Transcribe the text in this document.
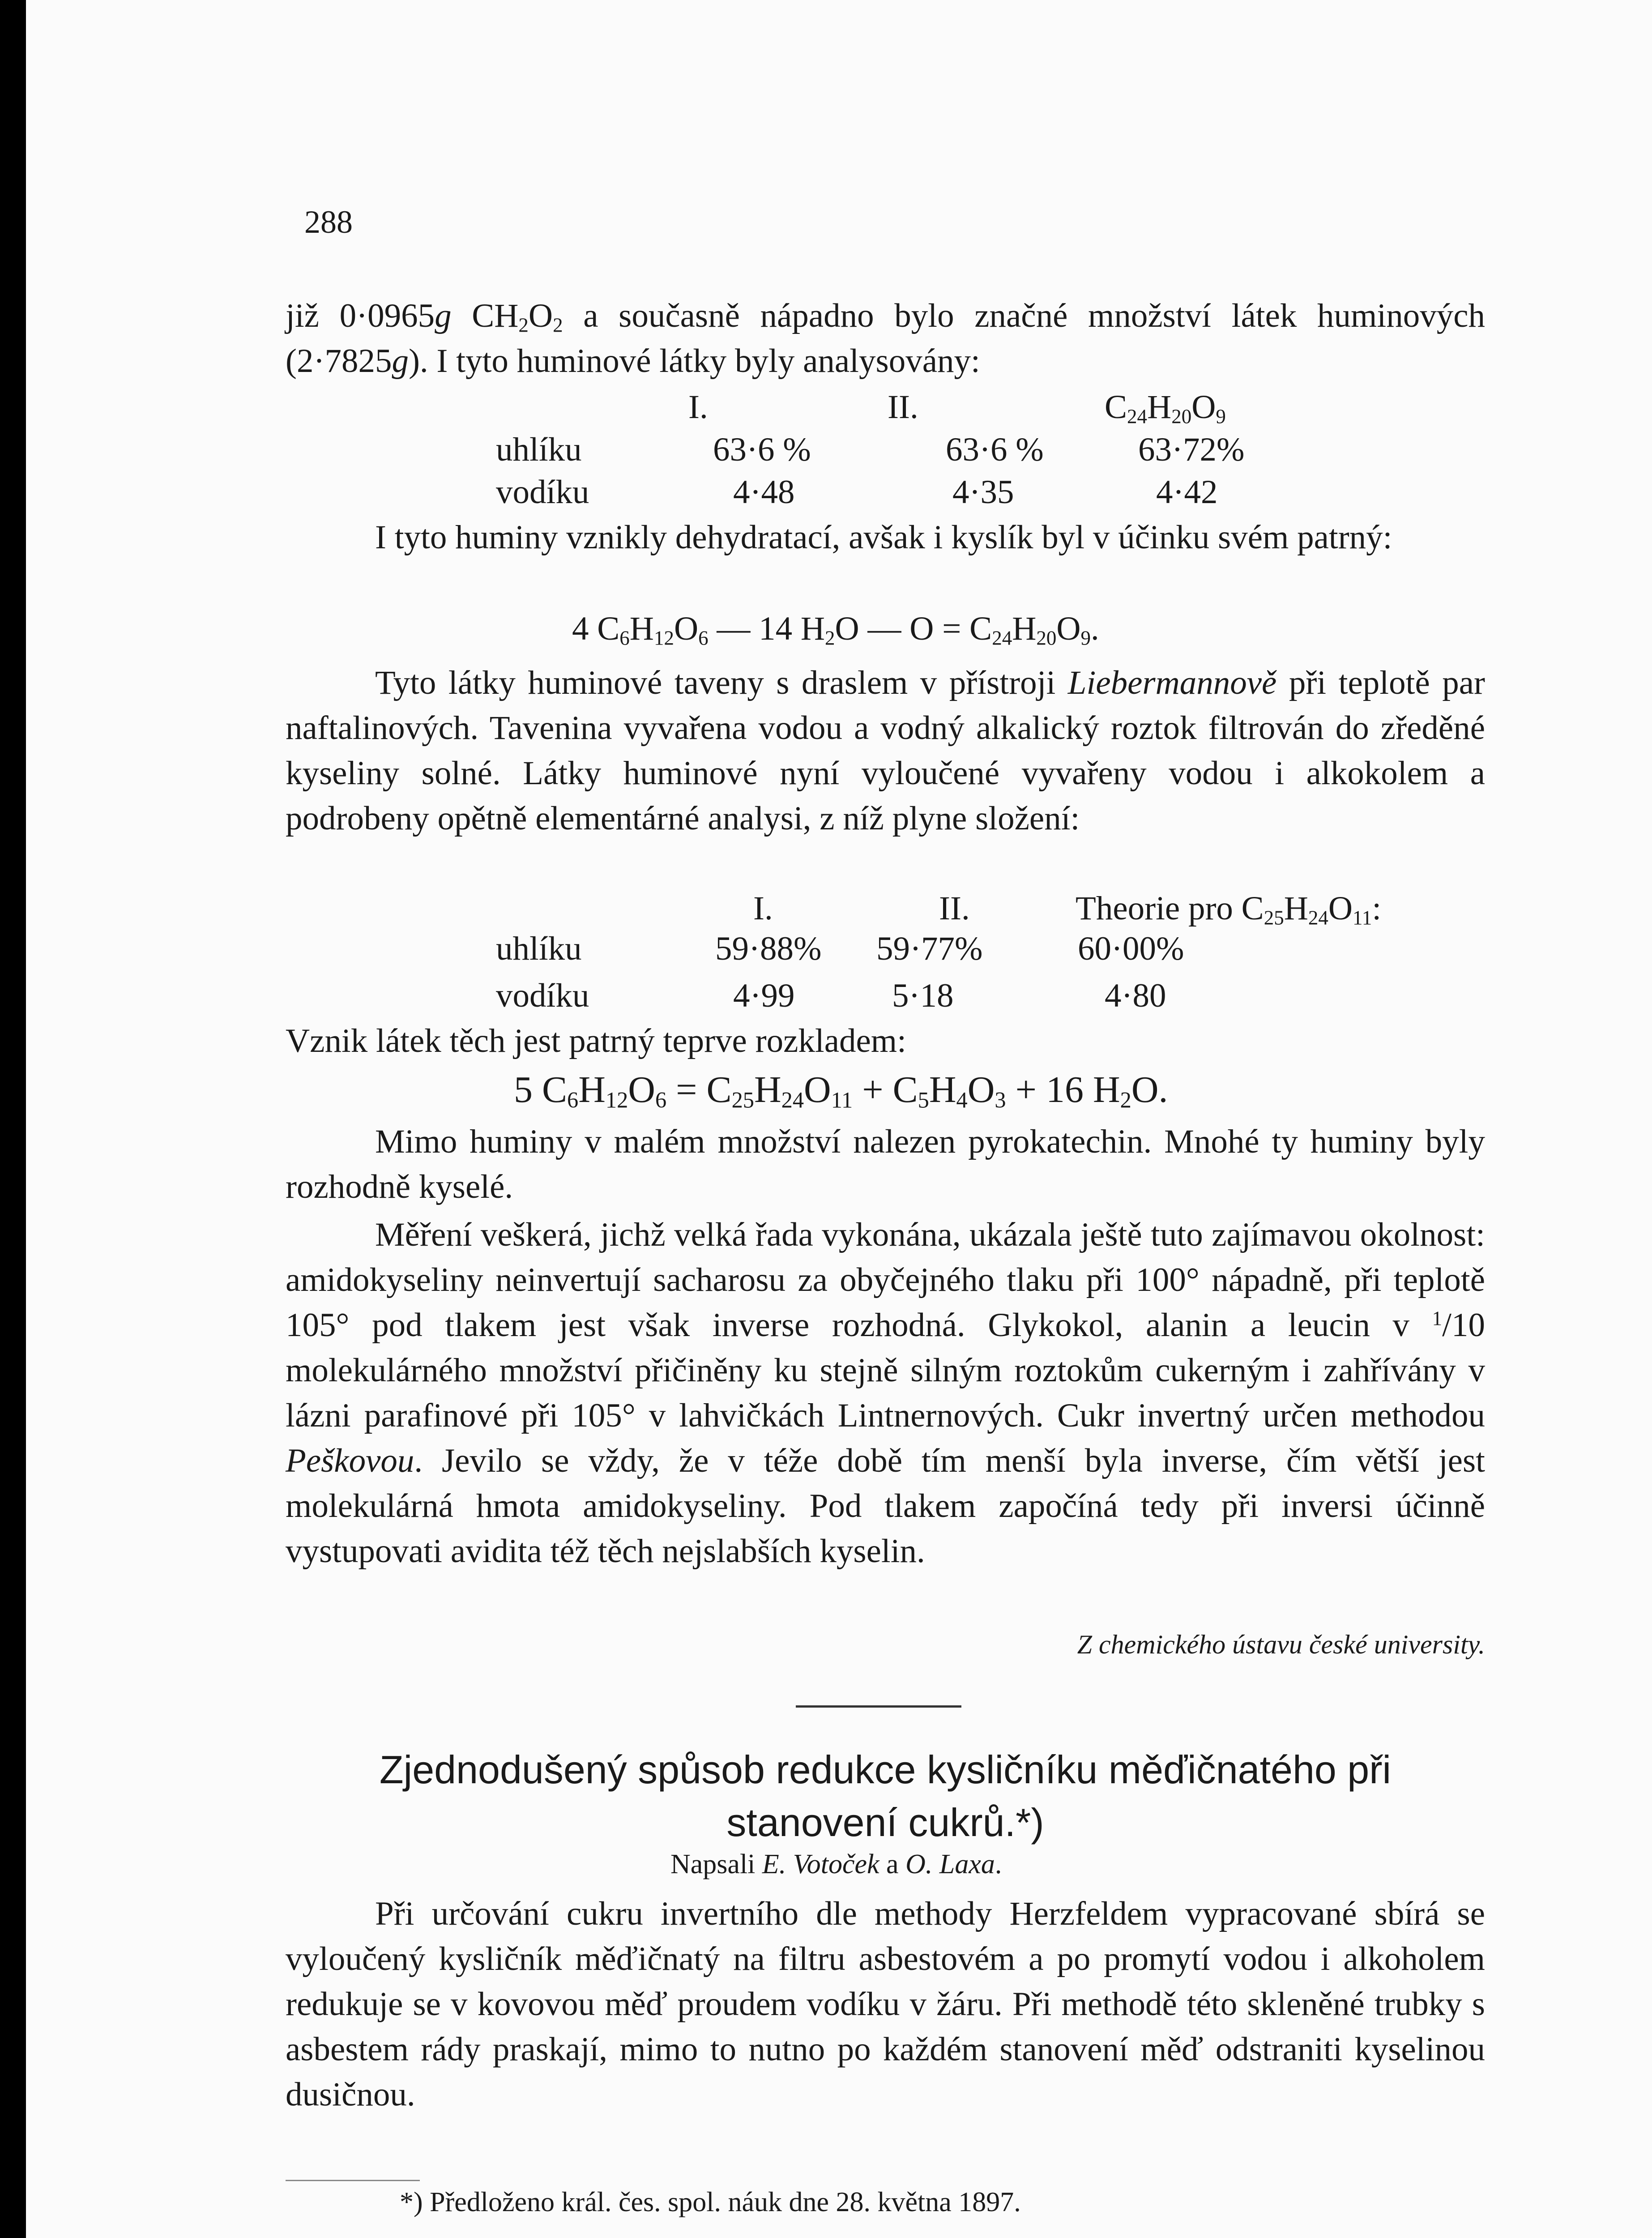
288
již 0·0965g $CH_2O_2$ a současně nápadno bylo značné množství látek huminových (2·7825g). I tyto huminové látky byly analysovány:
I.	II.	$C_{24}H_{20}O_9$
uhlíku	63·6 %	63·6 %	63·72%
vodíku	4·48	4·35	4·42
I tyto huminy vznikly dehydratací, avšak i kyslík byl v účinku svém patrný:
4 $C_6H_{12}O_6$ — 14 $H_2O$ — $O = C_{24}H_{20}O_9$.
Tyto látky huminové taveny s draslem v přístroji Liebermannově při teplotě par naftalinových. Tavenina vyvařena vodou a vodný alkalický roztok filtrován do zředěné kyseliny solné. Látky huminové nyní vyloučené vyvařeny vodou i alkokolem a podrobeny opětně elementárné analysi, z níž plyne složení:
I.	II.	Theorie pro $C_{25}H_{24}O_{11}$:
uhlíku	59·88% 59·77%	60·00%
vodíku	4·99	5·18	4·80
Vznik látek těch jest patrný teprve rozkladem:
5 $C_6H_{12}O_6 = C_{25}H_{24}O_{11} + C_5H_4O_3 + 16$ $H_2O$.
Mimo huminy v malém množství nalezen pyrokatechin. Mnohé ty huminy byly rozhodně kyselé.
Měření veškerá, jichž velká řada vykonána, ukázala ještě tuto zajímavou okolnost: amidokyseliny neinvertují sacharosu za obyčejného tlaku při 100° nápadně, při teplotě 105° pod tlakem jest však inverse rozhodná. Glykokol, alanin a leucin v $^1$/10 molekulárného množství přičiněny ku stejně silným roztokům cukerným i zahřívány v lázni parafinové při 105° v lahvičkách Lintnernových. Cukr invertný určen methodou Peškovou. Jevilo se vždy, že v téže době tím menší byla inverse, čím větší jest molekulárná hmota amidokyseliny. Pod tlakem započíná tedy při inversi účinně vystupovati avidita též těch nejslabších kyselin.
Z chemického ústavu české university.
Zjednodušený spůsob redukce kysličníku měďičnatého při
stanovení cukrů.*)
Napsali E. Votoček a O. Laxa.
Při určování cukru invertního dle methody Herzfeldem vypracované sbírá se vyloučený kysličník měďičnatý na filtru asbestovém a po promytí vodou i alkoholem redukuje se v kovovou měď proudem vodíku v žáru. Při methodě této skleněné trubky s asbestem rády praskají, mimo to nutno po každém stanovení měď odstraniti kyselinou dusičnou.
*) Předloženo král. čes. spol. náuk dne 28. května 1897.
